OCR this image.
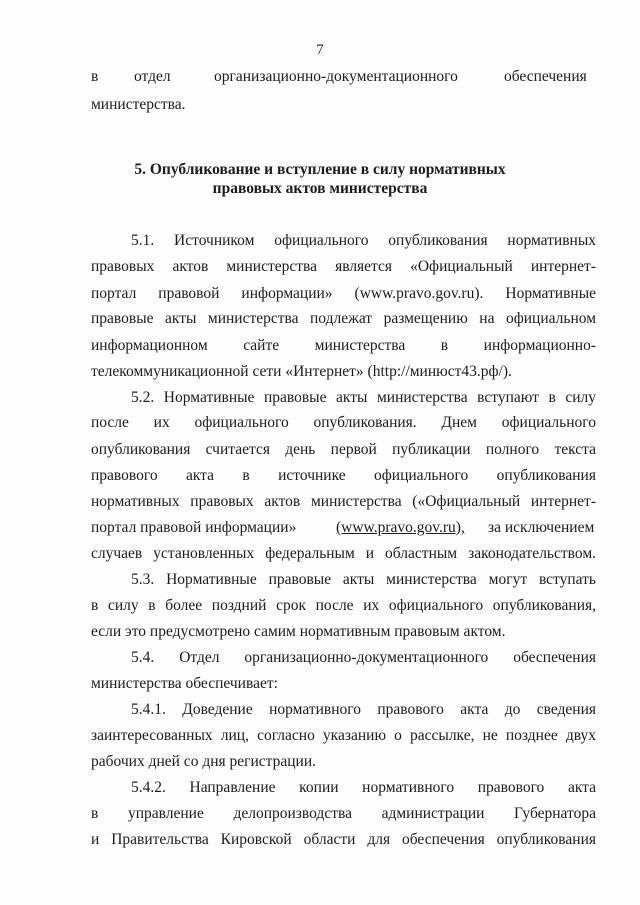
7
в отдел	организационно-документационного	обеспечения
министерства.
5. Опубликование и вступление в силу нормативных
правовых актов министерства
5.1. Источником официального опубликования нормативных
правовых актов министерства является «Официальный интернет-
портал правовой информации» (www.pravo.gov.ru). Нормативные
правовые акты министерства подлежат размещению на официальном
информационном сайте министерства в информационно-
телекоммуникационной сети «Интернет» (http://минюст43.рф/).
5.2. Нормативные правовые акты министерства вступают в силу
после их официального опубликования. Днем официального
опубликования считается день первой публикации полного текста
правового акта в источнике официального опубликования
нормативных правовых актов министерства («Официальный интернет-
портал правовой информации»	(www.pravo.gov.ru), за исключением
случаев установленных федеральным и областным законодательством.
5.3. Нормативные правовые акты министерства могут вступать
в силу в более поздний срок после их официального опубликования,
если это предусмотрено самим нормативным правовым актом.
5.4. Отдел организационно-документационного обеспечения
министерства обеспечивает:
5.4.1. Доведение нормативного правового акта до сведения
заинтересованных лиц, согласно указанию о рассылке, не позднее двух
рабочих дней со дня регистрации.
5.4.2. Направление копии нормативного правового акта
в управление делопроизводства администрации Губернатора
и Правительства Кировской области для обеспечения опубликования
